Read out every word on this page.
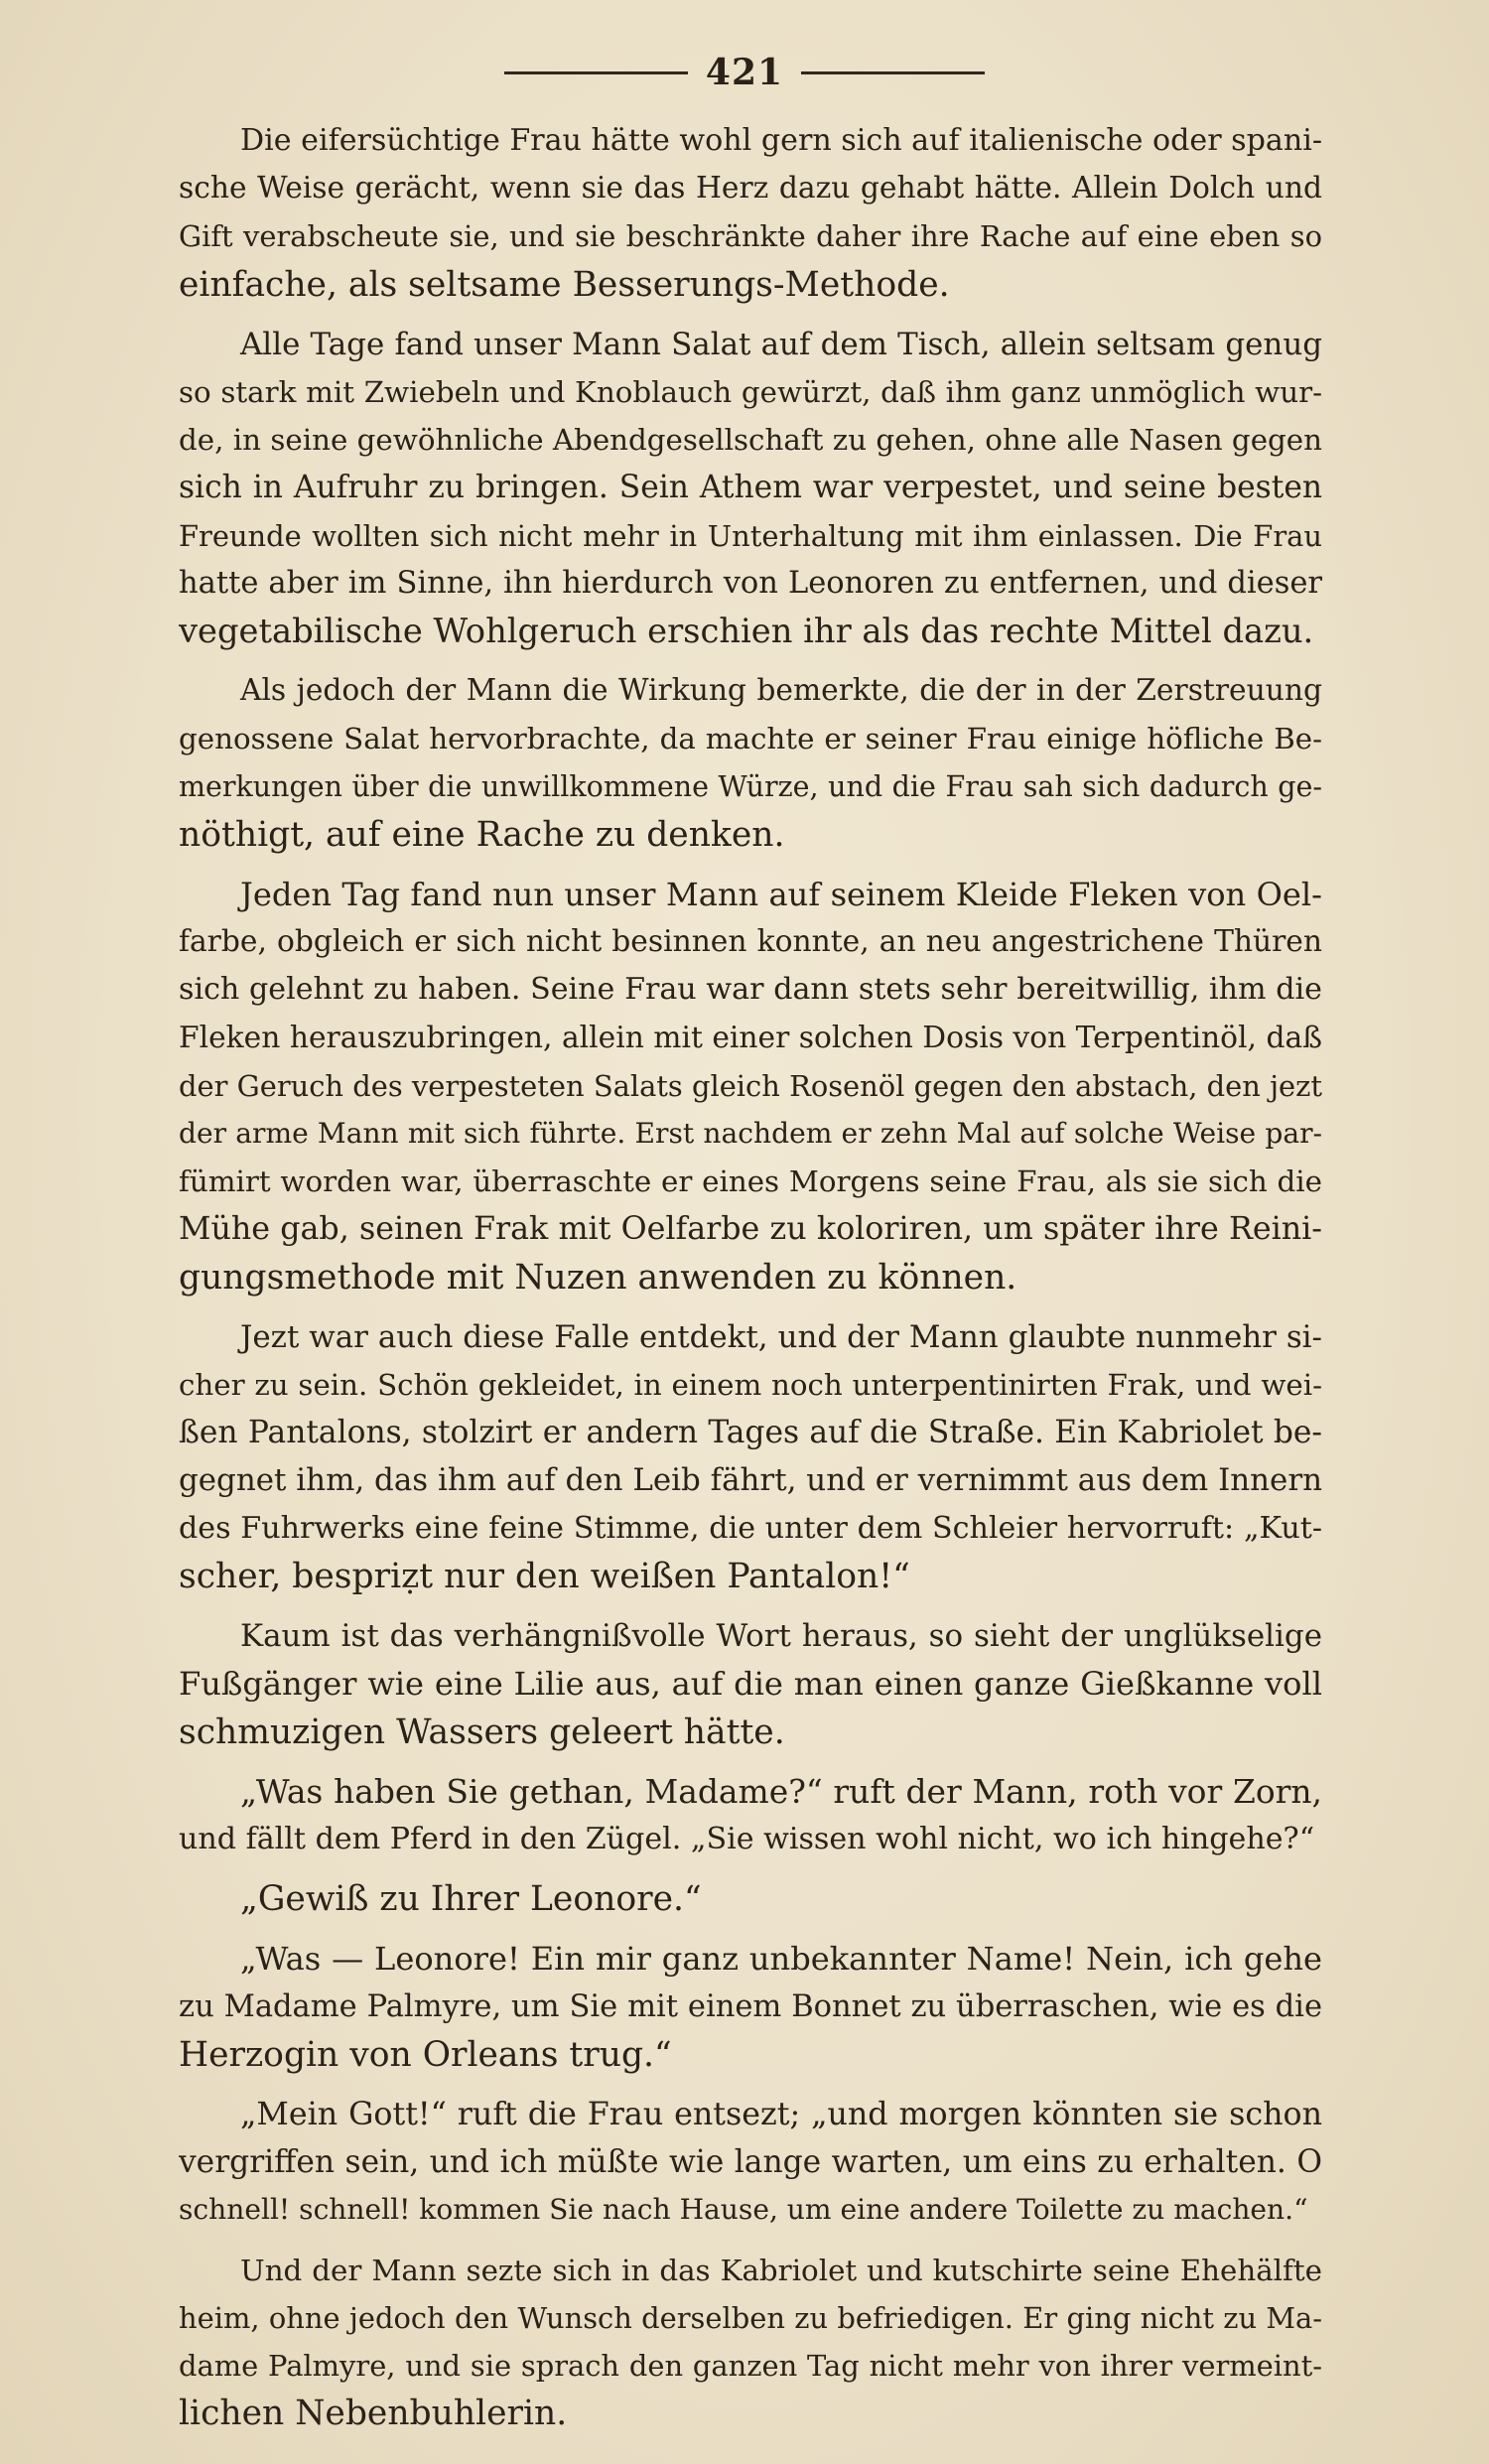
421
Die eifersüchtige Frau hätte wohl gern sich auf italienische oder spani-
sche Weise gerächt, wenn sie das Herz dazu gehabt hätte. Allein Dolch und
Gift verabscheute sie, und sie beschränkte daher ihre Rache auf eine eben so
einfache, als seltsame Besserungs-Methode.
Alle Tage fand unser Mann Salat auf dem Tisch, allein seltsam genug
so stark mit Zwiebeln und Knoblauch gewürzt, daß ihm ganz unmöglich wur-
de, in seine gewöhnliche Abendgesellschaft zu gehen, ohne alle Nasen gegen
sich in Aufruhr zu bringen. Sein Athem war verpestet, und seine besten
Freunde wollten sich nicht mehr in Unterhaltung mit ihm einlassen. Die Frau
hatte aber im Sinne, ihn hierdurch von Leonoren zu entfernen, und dieser
vegetabilische Wohlgeruch erschien ihr als das rechte Mittel dazu.
Als jedoch der Mann die Wirkung bemerkte, die der in der Zerstreuung
genossene Salat hervorbrachte, da machte er seiner Frau einige höfliche Be-
merkungen über die unwillkommene Würze, und die Frau sah sich dadurch ge-
nöthigt, auf eine Rache zu denken.
Jeden Tag fand nun unser Mann auf seinem Kleide Fleken von Oel-
farbe, obgleich er sich nicht besinnen konnte, an neu angestrichene Thüren
sich gelehnt zu haben. Seine Frau war dann stets sehr bereitwillig, ihm die
Fleken herauszubringen, allein mit einer solchen Dosis von Terpentinöl, daß
der Geruch des verpesteten Salats gleich Rosenöl gegen den abstach, den jezt
der arme Mann mit sich führte. Erst nachdem er zehn Mal auf solche Weise par-
fümirt worden war, überraschte er eines Morgens seine Frau, als sie sich die
Mühe gab, seinen Frak mit Oelfarbe zu koloriren, um später ihre Reini-
gungsmethode mit Nuzen anwenden zu können.
Jezt war auch diese Falle entdekt, und der Mann glaubte nunmehr si-
cher zu sein. Schön gekleidet, in einem noch unterpentinirten Frak, und wei-
ßen Pantalons, stolzirt er andern Tages auf die Straße. Ein Kabriolet be-
gegnet ihm, das ihm auf den Leib fährt, und er vernimmt aus dem Innern
des Fuhrwerks eine feine Stimme, die unter dem Schleier hervorruft: „Kut-
scher, bespriẓt nur den weißen Pantalon!“
Kaum ist das verhängnißvolle Wort heraus, so sieht der unglükselige
Fußgänger wie eine Lilie aus, auf die man einen ganze Gießkanne voll
schmuzigen Wassers geleert hätte.
„Was haben Sie gethan, Madame?“ ruft der Mann, roth vor Zorn,
und fällt dem Pferd in den Zügel. „Sie wissen wohl nicht, wo ich hingehe?“
„Gewiß zu Ihrer Leonore.“
„Was — Leonore! Ein mir ganz unbekannter Name! Nein, ich gehe
zu Madame Palmyre, um Sie mit einem Bonnet zu überraschen, wie es die
Herzogin von Orleans trug.“
„Mein Gott!“ ruft die Frau entsezt; „und morgen könnten sie schon
vergriffen sein, und ich müßte wie lange warten, um eins zu erhalten. O
schnell! schnell! kommen Sie nach Hause, um eine andere Toilette zu machen.“
Und der Mann sezte sich in das Kabriolet und kutschirte seine Ehehälfte
heim, ohne jedoch den Wunsch derselben zu befriedigen. Er ging nicht zu Ma-
dame Palmyre, und sie sprach den ganzen Tag nicht mehr von ihrer vermeint-
lichen Nebenbuhlerin.
